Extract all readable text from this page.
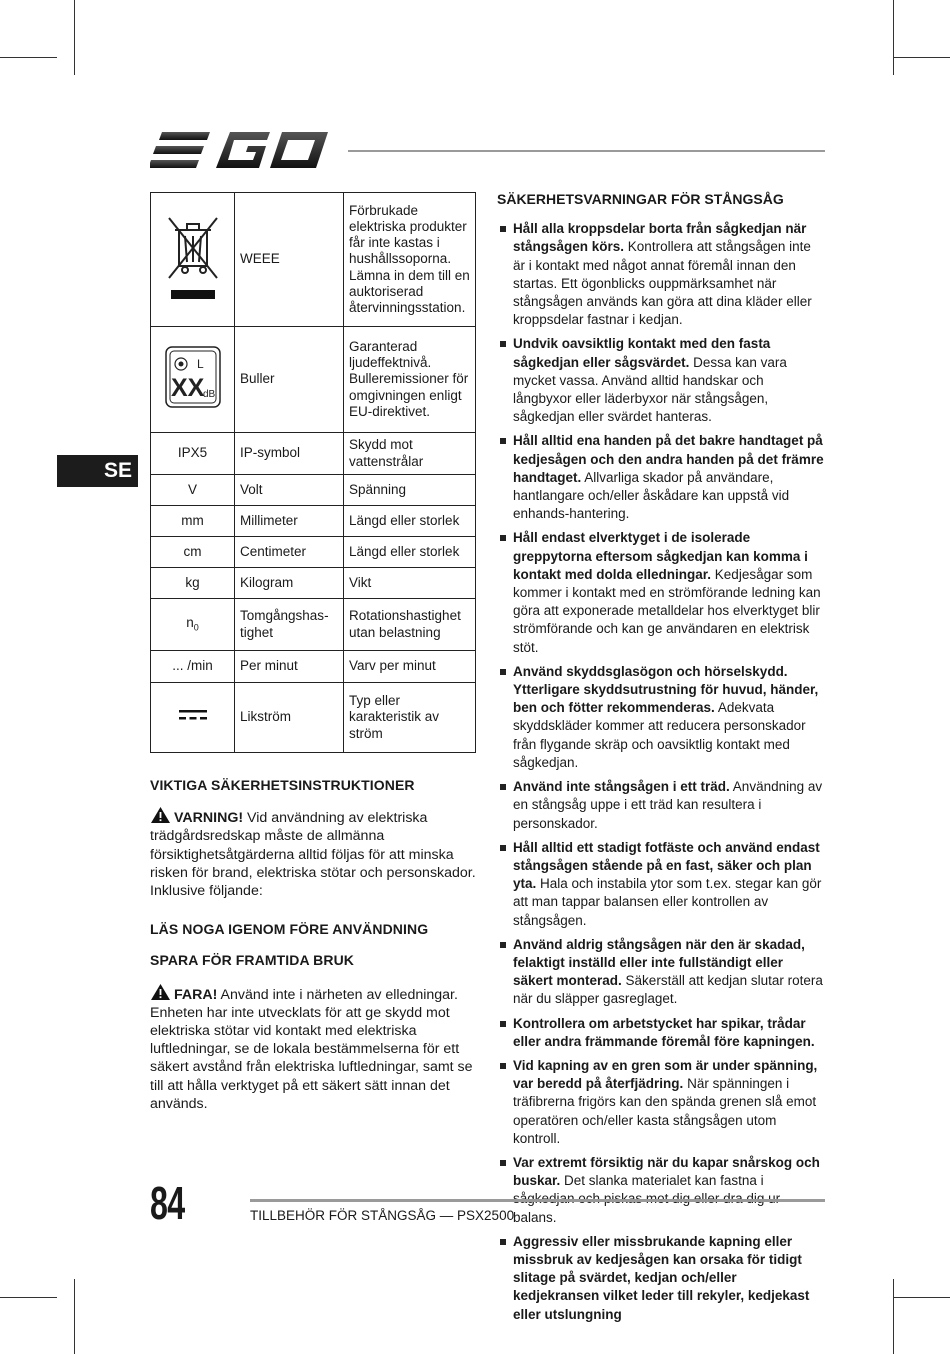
SE
	WEEE	Förbrukade elektriska produkter får inte kastas i hushållssoporna. Lämna in dem till en auktoriserad återvinningsstation.

L
XX
dB	Buller	Garanterad ljudeffektnivå. Bulleremissioner för omgivningen enligt EU-direktivet.
IPX5	IP-symbol	Skydd mot vattenstrålar
V	Volt	Spänning
mm	Millimeter	Längd eller storlek
cm	Centimeter	Längd eller storlek
kg	Kilogram	Vikt
$n_0$	Tomgångshastighet	Rotationshastighet utan belastning
... /min	Per minut	Varv per minut
	Likström	Typ eller karakteristik av ström
VIKTIGA SÄKERHETSINSTRUKTIONER

VARNING! Vid användning av elektriska trädgårdsredskap måste de allmänna försiktighetsåtgärderna alltid följas för att minska risken för brand, elektriska stötar och personskador. Inklusive följande:

LÄS NOGA IGENOM FÖRE ANVÄNDNING
SPARA FÖR FRAMTIDA BRUK

FARA! Använd inte i närheten av elledningar. Enheten har inte utvecklats för att ge skydd mot elektriska stötar vid kontakt med elektriska luftledningar, se de lokala bestämmelserna för ett säkert avstånd från elektriska luftledningar, samt se till att hålla verktyget på ett säkert sätt innan det används.

SÄKERHETSVARNINGAR FÖR STÅNGSÅG
Håll alla kroppsdelar borta från sågkedjan när stångsågen körs. Kontrollera att stångsågen inte är i kontakt med något annat föremål innan den startas. Ett ögonblicks ouppmärksamhet när stångsågen används kan göra att dina kläder eller kroppsdelar fastnar i kedjan.
Undvik oavsiktlig kontakt med den fasta sågkedjan eller sågsvärdet. Dessa kan vara mycket vassa. Använd alltid handskar och långbyxor eller läderbyxor när stångsågen, sågkedjan eller svärdet hanteras.
Håll alltid ena handen på det bakre handtaget på kedjesågen och den andra handen på det främre handtaget. Allvarliga skador på användare, hantlangare och/eller åskådare kan uppstå vid enhands-hantering.
Håll endast elverktyget i de isolerade greppytorna eftersom sågkedjan kan komma i kontakt med dolda elledningar. Kedjesågar som kommer i kontakt med en strömförande ledning kan göra att exponerade metalldelar hos elverktyget blir strömförande och kan ge användaren en elektrisk stöt.
Använd skyddsglasögon och hörselskydd. Ytterligare skyddsutrustning för huvud, händer, ben och fötter rekommenderas. Adekvata skyddskläder kommer att reducera personskador från flygande skräp och oavsiktlig kontakt med sågkedjan.
Använd inte stångsågen i ett träd. Användning av en stångsåg uppe i ett träd kan resultera i personskador.
Håll alltid ett stadigt fotfäste och använd endast stångsågen stående på en fast, säker och plan yta. Hala och instabila ytor som t.ex. stegar kan gör att man tappar balansen eller kontrollen av stångsågen.
Använd aldrig stångsågen när den är skadad, felaktigt inställd eller inte fullständigt eller säkert monterad. Säkerställ att kedjan slutar rotera när du släpper gasreglaget.
Kontrollera om arbetstycket har spikar, trådar eller andra främmande föremål före kapningen.
Vid kapning av en gren som är under spänning, var beredd på återfjädring. När spänningen i träfibrerna frigörs kan den spända grenen slå emot operatören och/eller kasta stångsågen utom kontroll.
Var extremt försiktig när du kapar snårskog och buskar. Det slanka materialet kan fastna i balans.
Aggressiv eller missbrukande kapning eller missbruk av kedjesågen kan orsaka för tidigt slitage på svärdet, kedjan och/eller kedjekransen vilket leder till rekyler, kedjekast eller utslungning
84	TILLBEHÖR FÖR STÅNGSÅG — PSX2500
